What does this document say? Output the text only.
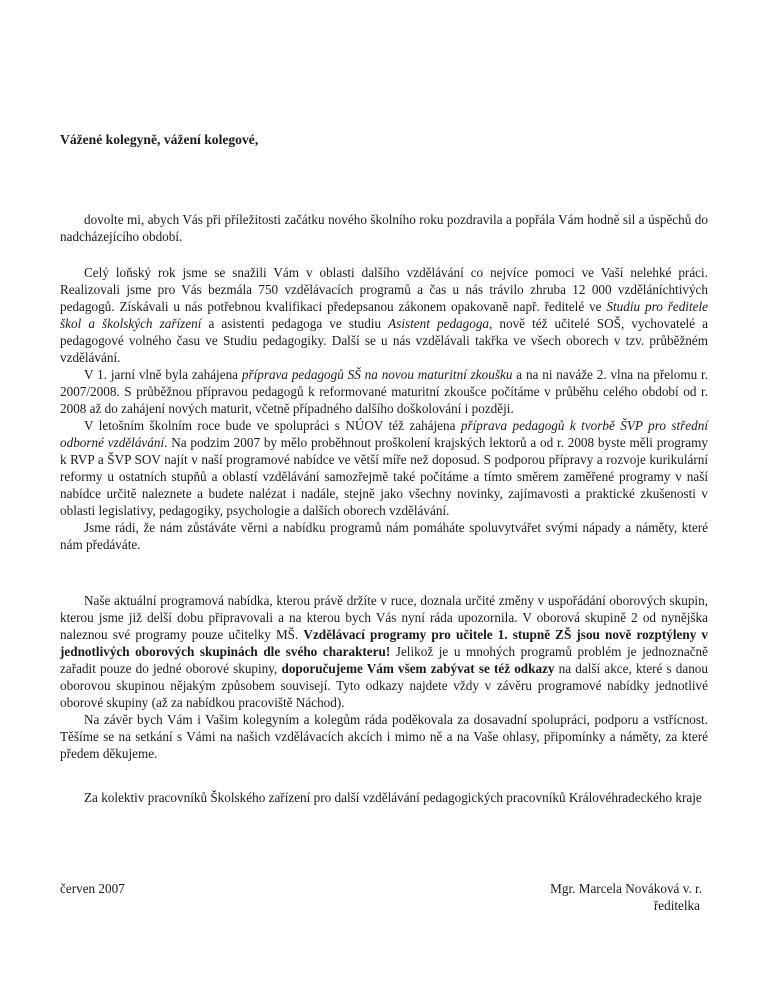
Vážené kolegyně, vážení kolegové,

dovolte mi, abych Vás při příležitosti začátku nového školního roku pozdravila a popřála Vám hodně sil a úspěchů do nadcházejícího období.

Celý loňský rok jsme se snažili Vám v oblasti dalšího vzdělávání co nejvíce pomoci ve Vaší nelehké práci. Realizovali jsme pro Vás bezmála 750 vzdělávacích programů a čas u nás trávilo zhruba 12 000 vzděláníchtivých pedagogů. Získávali u nás potřebnou kvalifikaci předepsanou zákonem opakovaně např. ředitelé ve Studiu pro ředitele škol a školských zařízení a asistenti pedagoga ve studiu Asistent pedagoga, nově též učitelé SOŠ, vychovatelé a pedagogové volného času ve Studiu pedagogiky. Další se u nás vzdělávali takřka ve všech oborech v tzv. průběžném vzdělávání.

V 1. jarní vlně byla zahájena příprava pedagogů SŠ na novou maturitní zkoušku a na ni naváže 2. vlna na přelomu r. 2007/2008. S průběžnou přípravou pedagogů k reformované maturitní zkoušce počítáme v průběhu celého období od r. 2008 až do zahájení nových maturit, včetně případného dalšího doškolování i později.

V letošním školním roce bude ve spolupráci s NÚOV též zahájena příprava pedagogů k tvorbě ŠVP pro střední odborné vzdělávání. Na podzim 2007 by mělo proběhnout proškolení krajských lektorů a od r. 2008 byste měli programy k RVP a ŠVP SOV najít v naší programové nabídce ve větší míře než doposud. S podporou přípravy a rozvoje kurikulární reformy u ostatních stupňů a oblastí vzdělávání samozřejmě také počítáme a tímto směrem zaměřené programy v naší nabídce určitě naleznete a budete nalézat i nadále, stejně jako všechny novinky, zajímavosti a praktické zkušenosti v oblasti legislativy, pedagogiky, psychologie a dalších oborech vzdělávání.

Jsme rádi, že nám zůstáváte věrni a nabídku programů nám pomáháte spoluvytvářet svými nápady a náměty, které nám předáváte.

Naše aktuální programová nabídka, kterou právě držíte v ruce, doznala určité změny v uspořádání oborových skupin, kterou jsme již delší dobu připravovali a na kterou bych Vás nyní ráda upozornila. V oborová skupině 2 od nynějška naleznou své programy pouze učitelky MŠ. Vzdělávací programy pro učitele 1. stupně ZŠ jsou nově rozptýleny v jednotlivých oborových skupinách dle svého charakteru! Jelikož je u mnohých programů problém je jednoznačně zařadit pouze do jedné oborové skupiny, doporučujeme Vám všem zabývat se též odkazy na další akce, které s danou oborovou skupinou nějakým způsobem souvisejí. Tyto odkazy najdete vždy v závěru programové nabídky jednotlivé oborové skupiny (až za nabídkou pracoviště Náchod).

Na závěr bych Vám i Vašim kolegyním a kolegům ráda poděkovala za dosavadní spolupráci, podporu a vstřícnost. Těšíme se na setkání s Vámi na našich vzdělávacích akcích i mimo ně a na Vaše ohlasy, připomínky a náměty, za které předem děkujeme.

Za kolektiv pracovníků Školského zařízení pro další vzdělávání pedagogických pracovníků Královéhradeckého kraje

červen 2007	Mgr. Marcela Nováková v. r.
ředitelka
